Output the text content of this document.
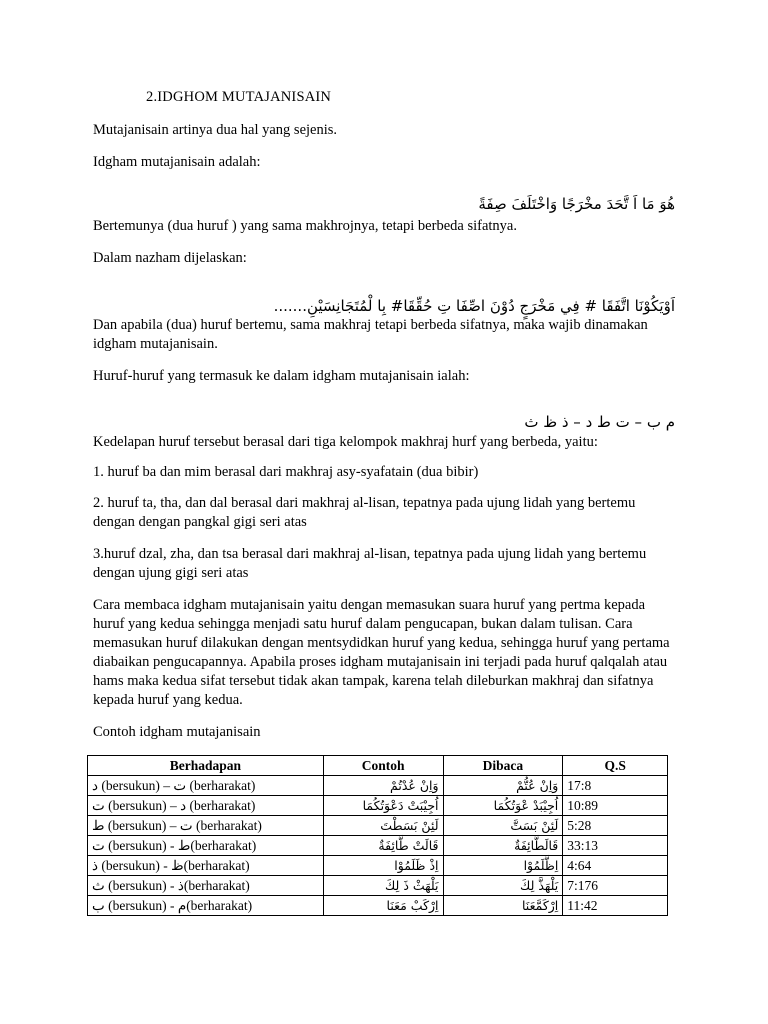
2.IDGHOM MUTAJANISAIN

Mutajanisain artinya dua hal yang sejenis.

Idgham mutajanisain adalah:

هُوَ مَا اَ تَّحَدَ مخْرَجًا وَاخْتَلَفَ صِفَةً

Bertemunya (dua huruf ) yang sama makhrojnya, tetapi berbeda sifatnya.

Dalam nazham dijelaskan:

اَوْيَكُوْنَا اتَّفَقَا # فِي مَخْرَجٍ دُوْنَ اصِّفَا تِ حُقِّقَا# بِا لْمُتَجَانِسَيْنِ.......

Dan apabila (dua) huruf bertemu, sama makhraj tetapi berbeda sifatnya, maka wajib dinamakan idgham mutajanisain.

Huruf-huruf yang termasuk ke dalam idgham mutajanisain ialah:

م ب – ت ط د – ذ ظ ث

Kedelapan huruf tersebut berasal dari tiga kelompok makhraj hurf yang berbeda, yaitu:

1. huruf ba dan mim berasal dari makhraj asy-syafatain (dua bibir)

2. huruf ta, tha, dan dal berasal dari makhraj al-lisan, tepatnya pada ujung lidah yang bertemu dengan dengan pangkal gigi seri atas

3.huruf dzal, zha, dan tsa berasal dari makhraj al-lisan, tepatnya pada ujung lidah yang bertemu dengan ujung gigi seri atas

Cara membaca idgham mutajanisain yaitu dengan memasukan suara huruf yang pertma kepada huruf yang kedua sehingga menjadi satu huruf dalam pengucapan, bukan dalam tulisan. Cara memasukan huruf dilakukan dengan mentsydidkan huruf yang kedua, sehingga huruf yang pertama diabaikan pengucapannya. Apabila proses idgham mutajanisain ini terjadi pada huruf qalqalah atau hams maka kedua sifat tersebut tidak akan tampak, karena telah dileburkan makhraj dan sifatnya kepada huruf yang kedua.

Contoh idgham mutajanisain

Berhadapan	Contoh	Dibaca	Q.S
د (bersukun) – ت (berharakat)	وَاِنْ عُدْتُمْ	وَاِنْ عُتُّمْ	17:8
ت (bersukun) – د (berharakat)	اُجِيْبَتْ دَعْوَتُكُمَا	اُجِيْبَدْ عْوَتُكُمَا	10:89
ط (bersukun) – ت (berharakat)	لَئِنْ بَسَطْتَ	لَئِنْ بَسَتَّ	5:28
ت (bersukun) - ط(berharakat)	قَالَتْ طَّائِفَةٌ	قَالَطَّائِفَةٌ	33:13
ذ (bersukun) - ظ(berharakat)	اِذْ ظَلَمُوْا	اِظَّلَمُوْا	4:64
ث (bersukun) - ذ(berharakat)	يَلْهَثْ ذَ لِكَ	يَلْهَذَّ لِكَ	7:176
ب (bersukun) - م(berharakat)	اِرْكَبْ مَعَنَا	اِرْكَمَّعَنَا	11:42
